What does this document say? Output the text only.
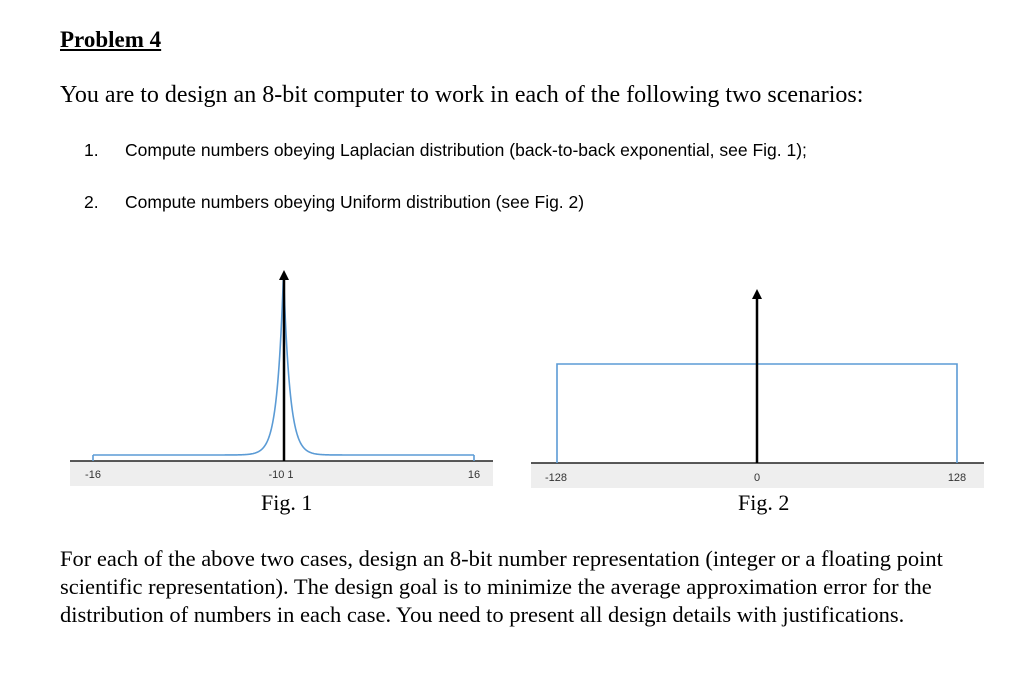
Problem 4
You are to design an 8-bit computer to work in each of the following two scenarios:
1. Compute numbers obeying Laplacian distribution (back-to-back exponential, see Fig. 1);
2. Compute numbers obeying Uniform distribution (see Fig. 2)
-16	-10 1	16	-128	0	128
Fig. 1	Fig. 2
For each of the above two cases, design an 8-bit number representation (integer or a floating point scientific representation). The design goal is to minimize the average approximation error for the distribution of numbers in each case. You need to present all design details with justifications.
